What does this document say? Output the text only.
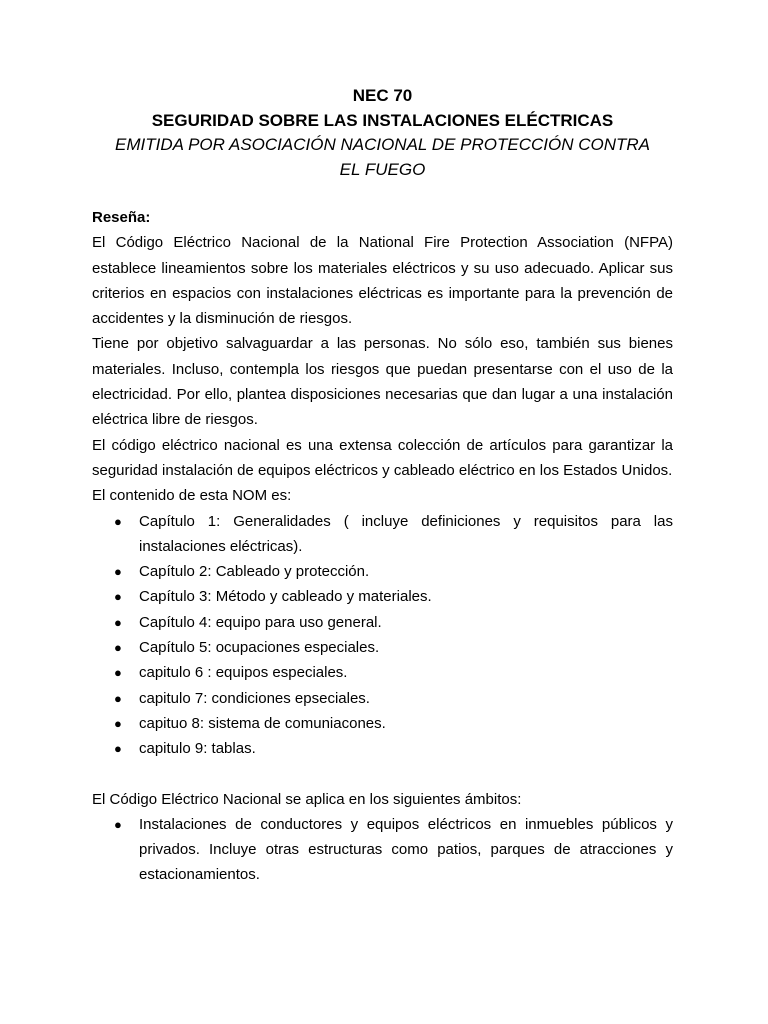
NEC 70
SEGURIDAD SOBRE LAS INSTALACIONES ELÉCTRICAS
EMITIDA POR ASOCIACIÓN NACIONAL DE PROTECCIÓN CONTRA
EL FUEGO
Reseña:

El Código Eléctrico Nacional de la National Fire Protection Association (NFPA) establece lineamientos sobre los materiales eléctricos y su uso adecuado. Aplicar sus criterios en espacios con instalaciones eléctricas es importante para la prevención de accidentes y la disminución de riesgos.

Tiene por objetivo salvaguardar a las personas. No sólo eso, también sus bienes materiales. Incluso, contempla los riesgos que puedan presentarse con el uso de la electricidad. Por ello, plantea disposiciones necesarias que dan lugar a una instalación eléctrica libre de riesgos.

El código eléctrico nacional es una extensa colección de artículos para garantizar la seguridad instalación de equipos eléctricos y cableado eléctrico en los Estados Unidos.

El contenido de esta NOM es:

● Capítulo 1: Generalidades ( incluye definiciones y requisitos para las instalaciones eléctricas).
● Capítulo 2: Cableado y protección.
● Capítulo 3: Método y cableado y materiales.
● Capítulo 4: equipo para uso general.
● Capítulo 5: ocupaciones especiales.
● capitulo 6 : equipos especiales.
● capitulo 7: condiciones epseciales.
● capituo 8: sistema de comuniacones.
● capitulo 9: tablas.

El Código Eléctrico Nacional se aplica en los siguientes ámbitos:

● Instalaciones de conductores y equipos eléctricos en inmuebles públicos y privados. Incluye otras estructuras como patios, parques de atracciones y estacionamientos.
